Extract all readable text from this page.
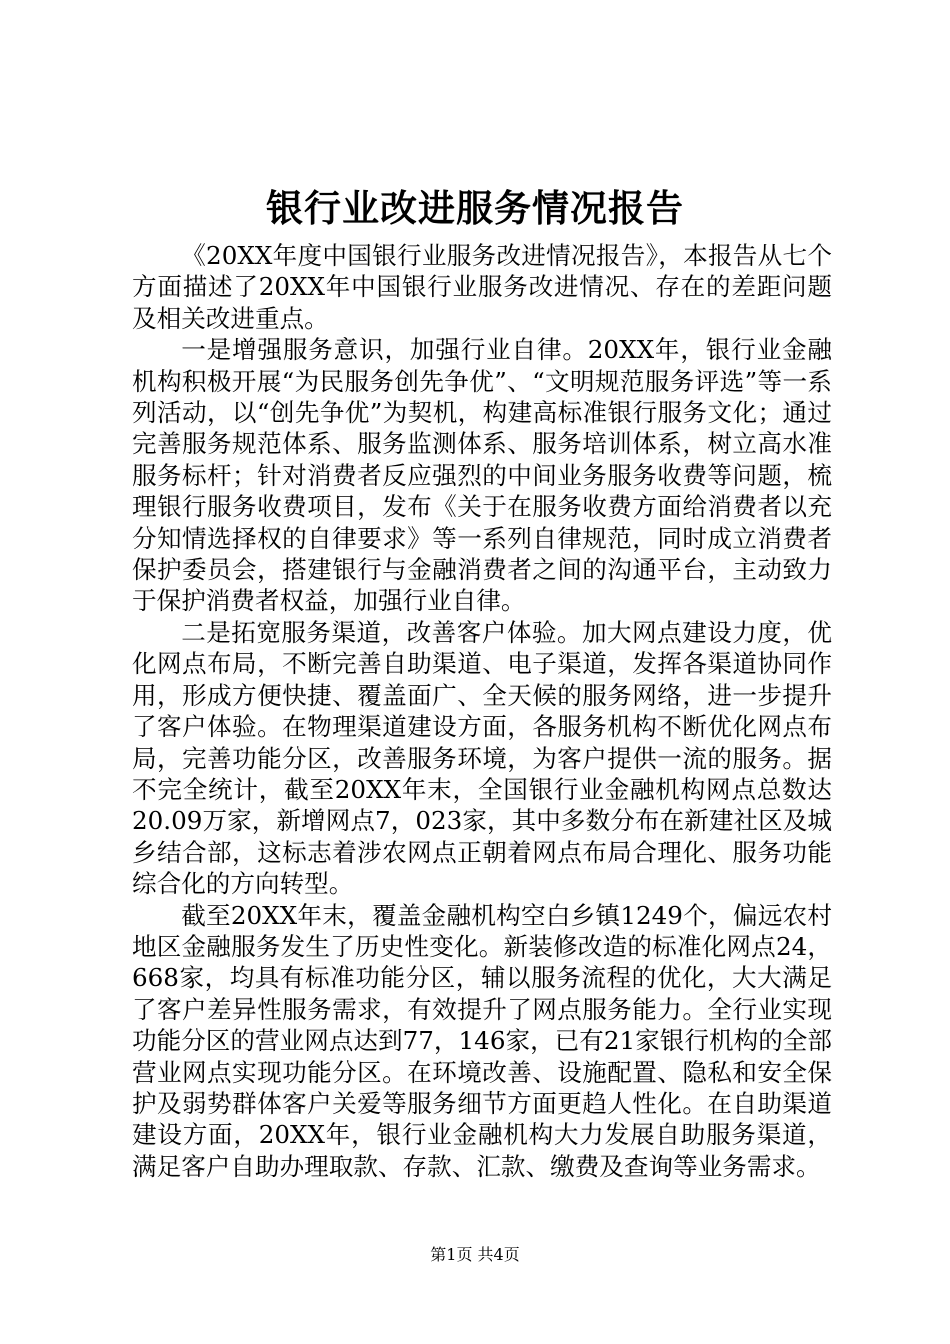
银行业改进服务情况报告

《20XX年度中国银行业服务改进情况报告》，本报告从七个方面描述了20XX年中国银行业服务改进情况、存在的差距问题及相关改进重点。

一是增强服务意识，加强行业自律。20XX年，银行业金融机构积极开展“为民服务创先争优”、“文明规范服务评选”等一系列活动，以“创先争优”为契机，构建高标准银行服务文化；通过完善服务规范体系、服务监测体系、服务培训体系，树立高水准服务标杆；针对消费者反应强烈的中间业务服务收费等问题，梳理银行服务收费项目，发布《关于在服务收费方面给消费者以充分知情选择权的自律要求》等一系列自律规范，同时成立消费者保护委员会，搭建银行与金融消费者之间的沟通平台，主动致力于保护消费者权益，加强行业自律。

二是拓宽服务渠道，改善客户体验。加大网点建设力度，优化网点布局，不断完善自助渠道、电子渠道，发挥各渠道协同作用，形成方便快捷、覆盖面广、全天候的服务网络，进一步提升了客户体验。在物理渠道建设方面，各服务机构不断优化网点布局，完善功能分区，改善服务环境，为客户提供一流的服务。据不完全统计，截至20XX年末，全国银行业金融机构网点总数达20.09万家，新增网点7，023家，其中多数分布在新建社区及城乡结合部，这标志着涉农网点正朝着网点布局合理化、服务功能综合化的方向转型。

截至20XX年末，覆盖金融机构空白乡镇1249个，偏远农村地区金融服务发生了历史性变化。新装修改造的标准化网点24，668家，均具有标准功能分区，辅以服务流程的优化，大大满足了客户差异性服务需求，有效提升了网点服务能力。全行业实现功能分区的营业网点达到77，146家，已有21家银行机构的全部营业网点实现功能分区。在环境改善、设施配置、隐私和安全保护及弱势群体客户关爱等服务细节方面更趋人性化。在自助渠道建设方面，20XX年，银行业金融机构大力发展自助服务渠道，满足客户自助办理取款、存款、汇款、缴费及查询等业务需求。

第1页 共4页
